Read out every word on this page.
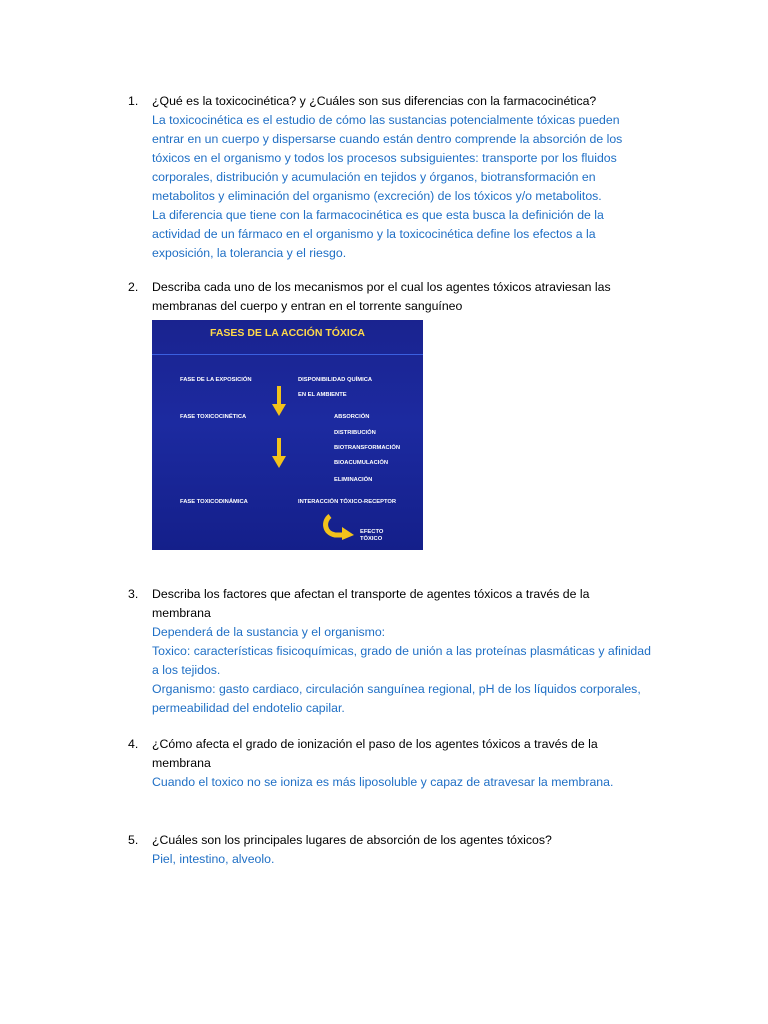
1. ¿Qué es la toxicocinética? y ¿Cuáles son sus diferencias con la farmacocinética?

La toxicocinética es el estudio de cómo las sustancias potencialmente tóxicas pueden

entrar en un cuerpo y dispersarse cuando están dentro comprende la absorción de los

tóxicos en el organismo y todos los procesos subsiguientes: transporte por los fluidos

corporales, distribución y acumulación en tejidos y órganos, biotransformación en

metabolitos y eliminación del organismo (excreción) de los tóxicos y/o metabolitos.

La diferencia que tiene con la farmacocinética es que esta busca la definición de la

actividad de un fármaco en el organismo y la toxicocinética define los efectos a la

exposición, la tolerancia y el riesgo.

2. Describa cada uno de los mecanismos por el cual los agentes tóxicos atraviesan las

membranas del cuerpo y entran en el torrente sanguíneo

FASES DE LA ACCIÓN TÓXICA
FASE DE LA EXPOSICIÓN	DISPONIBILIDAD QUÍMICA
EN EL AMBIENTE
FASE TOXICOCINÉTICA	ABSORCIÓN
DISTRIBUCIÓN
BIOTRANSFORMACIÓN
BIOACUMULACIÓN
ELIMINACIÓN
FASE TOXICODINÁMICA	INTERACCIÓN TÓXICO-RECEPTOR
EFECTO
TÓXICO
3. Describa los factores que afectan el transporte de agentes tóxicos a través de la

membrana

Dependerá de la sustancia y el organismo:

Toxico: características fisicoquímicas, grado de unión a las proteínas plasmáticas y afinidad

a los tejidos.

Organismo: gasto cardiaco, circulación sanguínea regional, pH de los líquidos corporales,

permeabilidad del endotelio capilar.

4. ¿Cómo afecta el grado de ionización el paso de los agentes tóxicos a través de la

membrana

Cuando el toxico no se ioniza es más liposoluble y capaz de atravesar la membrana.

5. ¿Cuáles son los principales lugares de absorción de los agentes tóxicos?

Piel, intestino, alveolo.
